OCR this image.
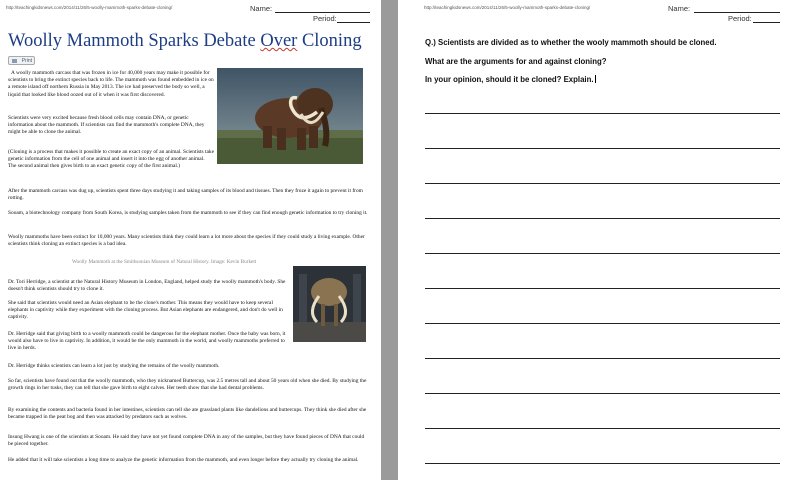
http://teachingkidsnews.com/2014/11/26/5-woolly-mammoth-sparks-debate-cloning/	Name:
Period:
Woolly Mammoth Sparks Debate Over Cloning
Print

A woolly mammoth carcass that was frozen in ice for 40,000 years may make it possible for scientists to bring the extinct species back to life. The mammoth was found embedded in ice on a remote island off northern Russia in May 2013. The ice had preserved the body so well, a liquid that looked like blood oozed out of it when it was first discovered.

Scientists were very excited because fresh blood cells may contain DNA, or genetic information about the mammoth. If scientists can find the mammoth's complete DNA, they might be able to clone the animal.

(Cloning is a process that makes it possible to create an exact copy of an animal. Scientists take genetic information from the cell of one animal and insert it into the egg of another animal. The second animal then gives birth to an exact genetic copy of the first animal.)

After the mammoth carcass was dug up, scientists spent three days studying it and taking samples of its blood and tissues. Then they froze it again to prevent it from rotting.

Sooam, a biotechnology company from South Korea, is studying samples taken from the mammoth to see if they can find enough genetic information to try cloning it.

Woolly mammoths have been extinct for 10,000 years. Many scientists think they could learn a lot more about the species if they could study a living example. Other scientists think cloning an extinct species is a bad idea.

Woolly Mammoth at the Smithsonian Museum of Natural History. Image: Kevin Burkett

Dr. Tori Herridge, a scientist at the Natural History Museum in London, England, helped study the woolly mammoth's body. She doesn't think scientists should try to clone it.

She said that scientists would need an Asian elephant to be the clone's mother. This means they would have to keep several elephants in captivity while they experiment with the cloning process. But Asian elephants are endangered, and don't do well in captivity.

Dr. Herridge said that giving birth to a woolly mammoth could be dangerous for the elephant mother. Once the baby was born, it would also have to live in captivity. In addition, it would be the only mammoth in the world, and woolly mammoths preferred to live in herds.

Dr. Herridge thinks scientists can learn a lot just by studying the remains of the woolly mammoth.

So far, scientists have found out that the woolly mammoth, who they nicknamed Buttercup, was 2.5 metres tall and about 50 years old when she died. By studying the growth rings in her tusks, they can tell that she gave birth to eight calves. Her teeth show that she had dental problems.

By examining the contents and bacteria found in her intestines, scientists can tell she ate grassland plants like dandelions and buttercups. They think she died after she became trapped in the peat bog and then was attacked by predators such as wolves.

Insung Hwang is one of the scientists at Sooam. He said they have not yet found complete DNA in any of the samples, but they have found pieces of DNA that could be pieced together.

He added that it will take scientists a long time to analyze the genetic information from the mammoth, and even longer before they actually try cloning the animal.

http://teachingkidsnews.com/2014/11/26/5-woolly-mammoth-sparks-debate-cloning/	Name:
Period:
Q.) Scientists are divided as to whether the wooly mammoth should be cloned.
What are the arguments for and against cloning?
In your opinion, should it be cloned? Explain.
